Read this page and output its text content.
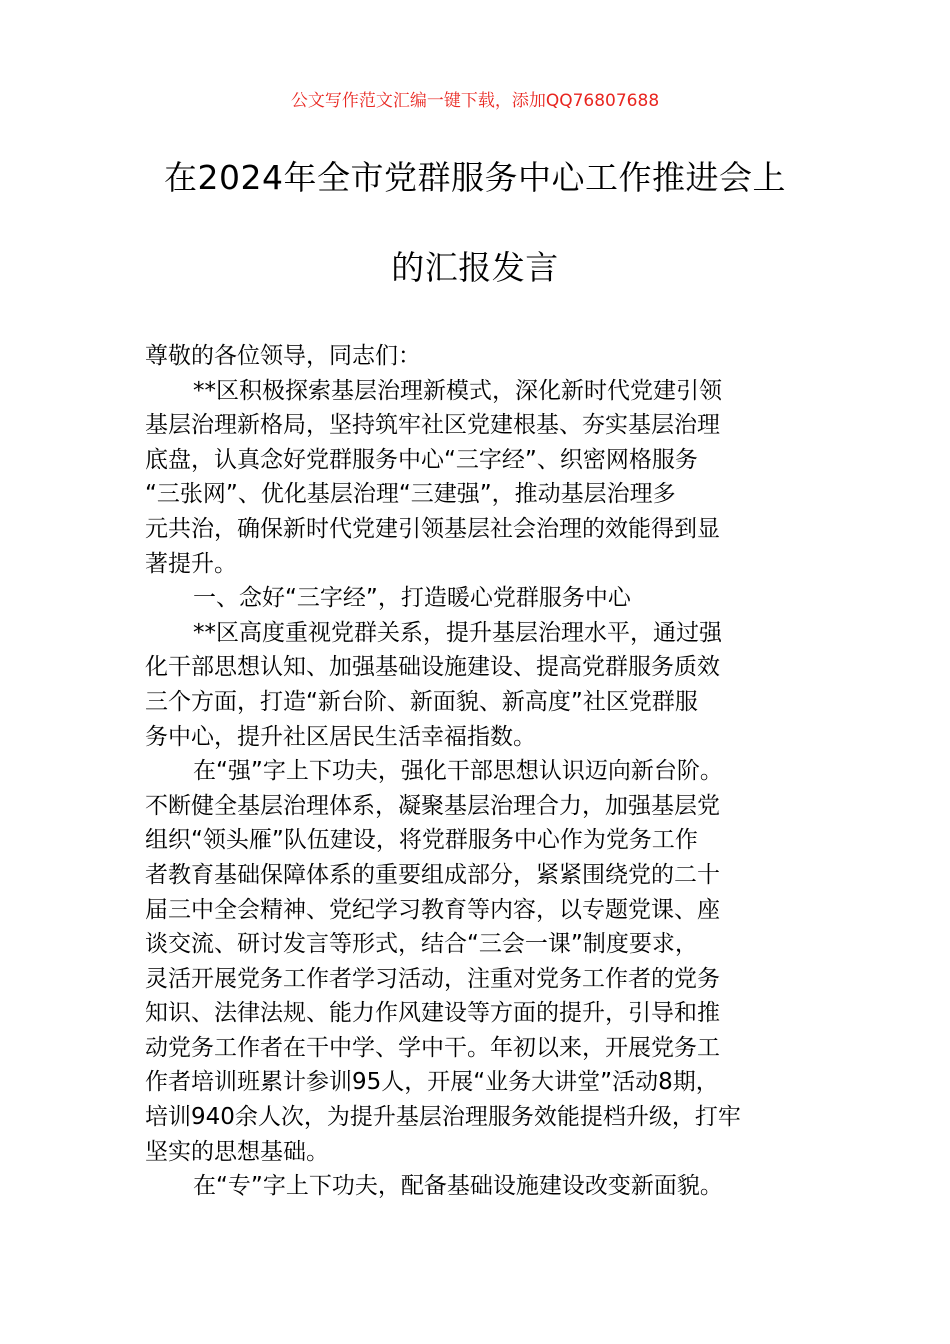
公文写作范文汇编一键下载，添加QQ76807688
在2024年全市党群服务中心工作推进会上
的汇报发言
尊敬的各位领导，同志们：
**区积极探索基层治理新模式，深化新时代党建引领
基层治理新格局，坚持筑牢社区党建根基、夯实基层治理
底盘，认真念好党群服务中心“三字经”、织密网格服务
“三张网”、优化基层治理“三建强”，推动基层治理多
元共治，确保新时代党建引领基层社会治理的效能得到显
著提升。
一、念好“三字经”，打造暖心党群服务中心
**区高度重视党群关系，提升基层治理水平，通过强
化干部思想认知、加强基础设施建设、提高党群服务质效
三个方面，打造“新台阶、新面貌、新高度”社区党群服
务中心，提升社区居民生活幸福指数。
在“强”字上下功夫，强化干部思想认识迈向新台阶。
不断健全基层治理体系，凝聚基层治理合力，加强基层党
组织“领头雁”队伍建设，将党群服务中心作为党务工作
者教育基础保障体系的重要组成部分，紧紧围绕党的二十
届三中全会精神、党纪学习教育等内容，以专题党课、座
谈交流、研讨发言等形式，结合“三会一课”制度要求，
灵活开展党务工作者学习活动，注重对党务工作者的党务
知识、法律法规、能力作风建设等方面的提升，引导和推
动党务工作者在干中学、学中干。年初以来，开展党务工
作者培训班累计参训95人，开展“业务大讲堂”活动8期，
培训940余人次，为提升基层治理服务效能提档升级，打牢
坚实的思想基础。
在“专”字上下功夫，配备基础设施建设改变新面貌。
